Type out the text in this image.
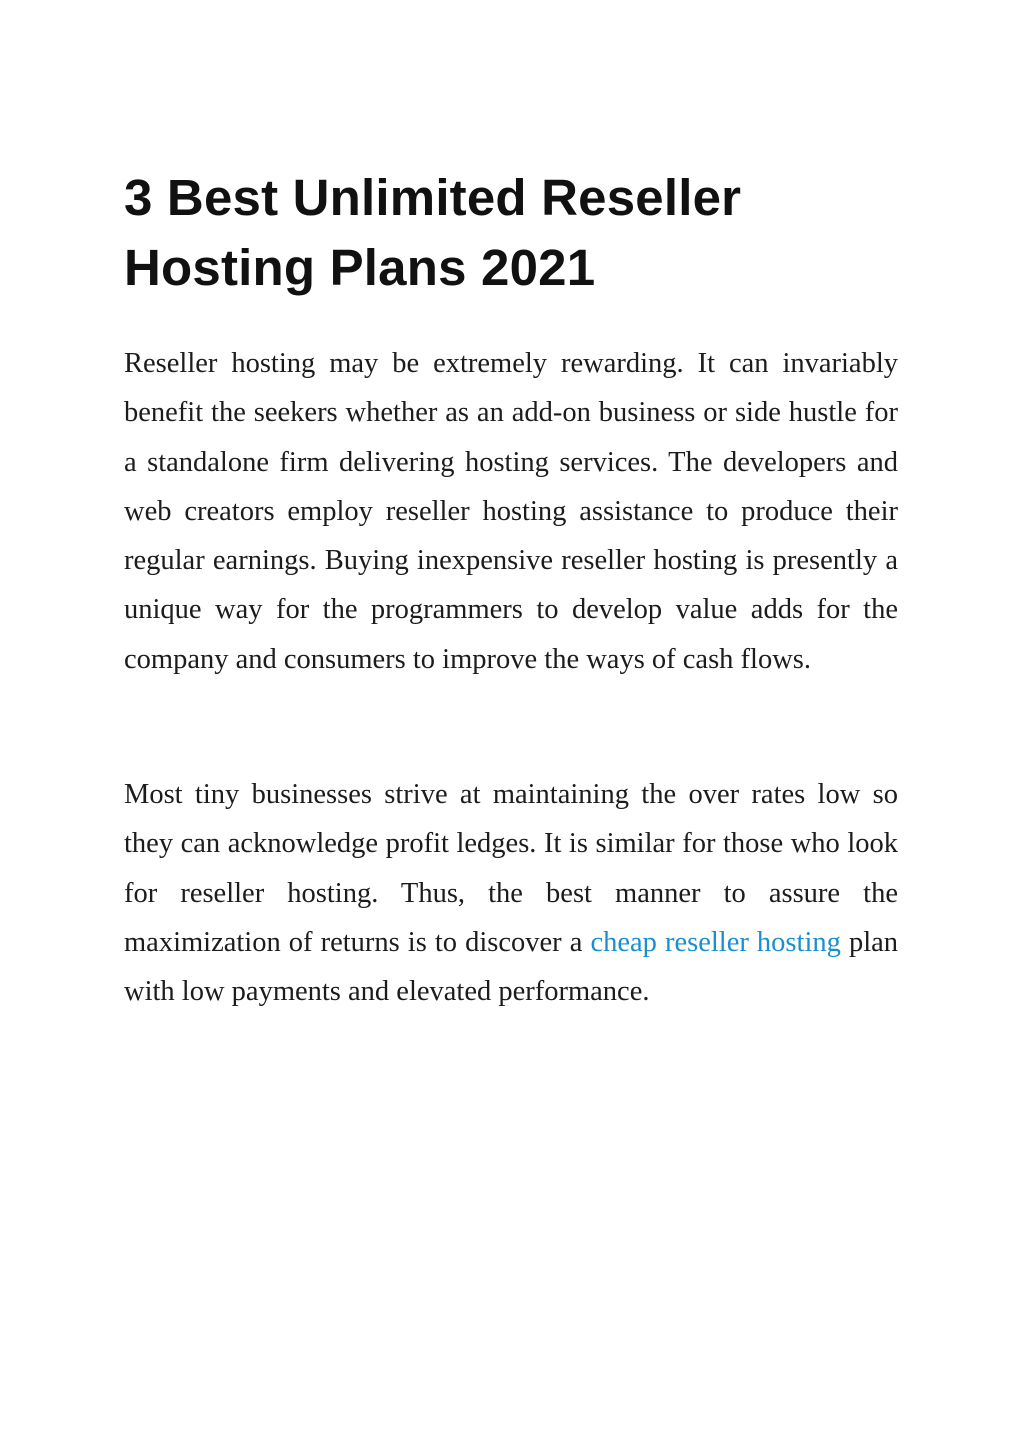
3 Best Unlimited Reseller
Hosting Plans 2021

Reseller hosting may be extremely rewarding. It can invariably benefit the seekers whether as an add-on business or side hustle for a standalone firm delivering hosting services. The developers and web creators employ reseller hosting assistance to produce their regular earnings. Buying inexpensive reseller hosting is presently a unique way for the programmers to develop value adds for the company and consumers to improve the ways of cash flows.

Most tiny businesses strive at maintaining the over rates low so they can acknowledge profit ledges. It is similar for those who look for reseller hosting. Thus, the best manner to assure the maximization of returns is to discover a cheap reseller hosting plan with low payments and elevated performance.
